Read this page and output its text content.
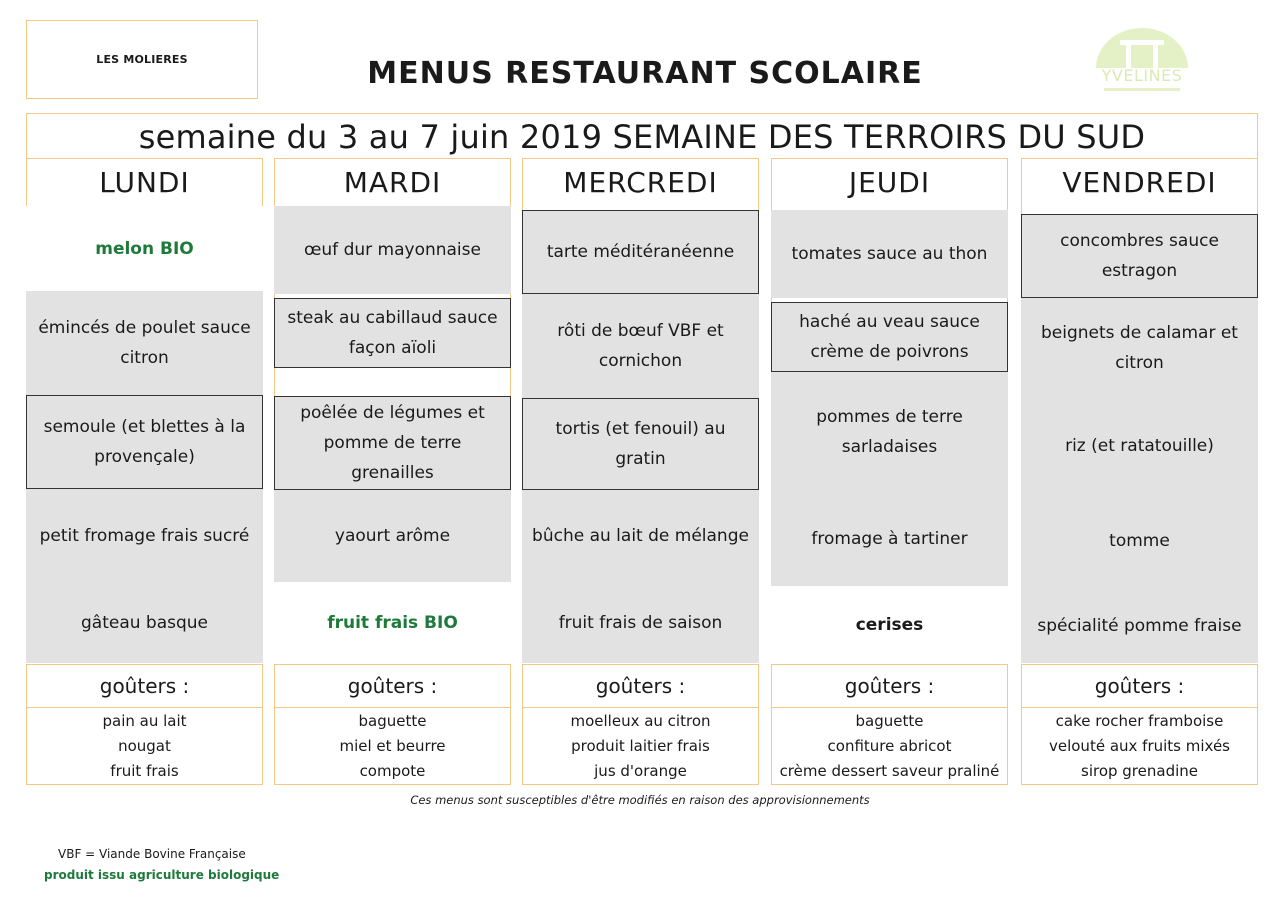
LES MOLIERES	MENUS RESTAURANT SCOLAIRE	YVELINES
semaine du 3 au 7 juin 2019 SEMAINE DES TERROIRS DU SUD
LUNDI
melon BIO
émincés de poulet sauce citron
semoule (et blettes à la provençale)
petit fromage frais sucré
gâteau basque
goûters :
pain au lait
nougat
fruit frais
MARDI
œuf dur mayonnaise
steak au cabillaud sauce façon aïoli
poêlée de légumes et pomme de terre grenailles
yaourt arôme
fruit frais BIO
goûters :
baguette
miel et beurre
compote
MERCREDI
tarte méditéranéenne
rôti de bœuf VBF et cornichon
tortis (et fenouil) au gratin
bûche au lait de mélange
fruit frais de saison
goûters :
moelleux au citron
produit laitier frais
jus d'orange
JEUDI
tomates sauce au thon
haché au veau sauce crème de poivrons
pommes de terre sarladaises
fromage à tartiner
cerises
goûters :
baguette
confiture abricot
crème dessert saveur praliné
VENDREDI
concombres sauce estragon
beignets de calamar et citron
riz (et ratatouille)
tomme
spécialité pomme fraise
goûters :
cake rocher framboise
velouté aux fruits mixés
sirop grenadine
Ces menus sont susceptibles d'être modifiés en raison des approvisionnements
VBF = Viande Bovine Française
produit issu agriculture biologique
